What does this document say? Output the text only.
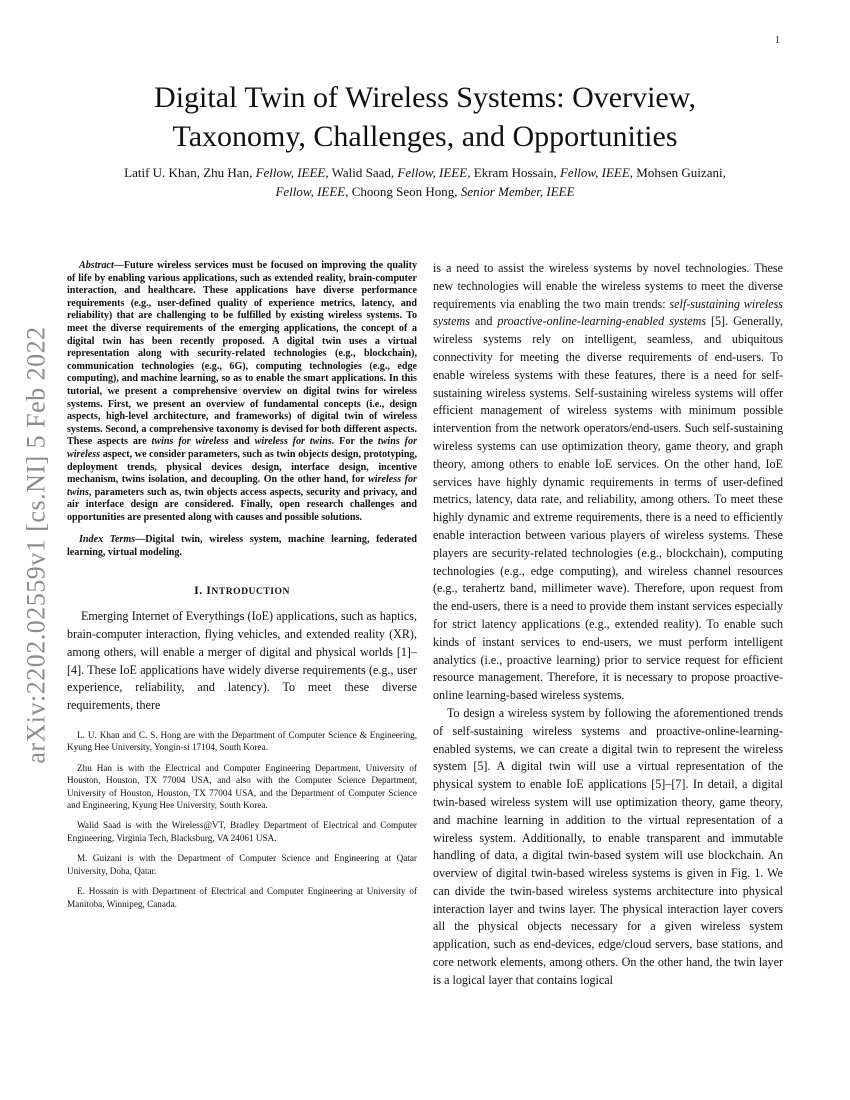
1
arXiv:2202.02559v1 [cs.NI] 5 Feb 2022
Digital Twin of Wireless Systems: Overview,
Taxonomy, Challenges, and Opportunities
Latif U. Khan, Zhu Han, Fellow, IEEE, Walid Saad, Fellow, IEEE, Ekram Hossain, Fellow, IEEE, Mohsen Guizani, Fellow, IEEE, Choong Seon Hong, Senior Member, IEEE

Abstract—Future wireless services must be focused on improving the quality of life by enabling various applications, such as extended reality, brain-computer interaction, and healthcare. These applications have diverse performance requirements (e.g., user-defined quality of experience metrics, latency, and reliability) that are challenging to be fulfilled by existing wireless systems. To meet the diverse requirements of the emerging applications, the concept of a digital twin has been recently proposed. A digital twin uses a virtual representation along with security-related technologies (e.g., blockchain), communication technologies (e.g., 6G), computing technologies (e.g., edge computing), and machine learning, so as to enable the smart applications. In this tutorial, we present a comprehensive overview on digital twins for wireless systems. First, we present an overview of fundamental concepts (i.e., design aspects, high-level architecture, and frameworks) of digital twin of wireless systems. Second, a comprehensive taxonomy is devised for both different aspects. These aspects are twins for wireless and wireless for twins. For the twins for wireless aspect, we consider parameters, such as twin objects design, prototyping, deployment trends, physical devices design, interface design, incentive mechanism, twins isolation, and decoupling. On the other hand, for wireless for twins, parameters such as, twin objects access aspects, security and privacy, and air interface design are considered. Finally, open research challenges and opportunities are presented along with causes and possible solutions.

Index Terms—Digital twin, wireless system, machine learning, federated learning, virtual modeling.

I. INTRODUCTION

Emerging Internet of Everythings (IoE) applications, such as haptics, brain-computer interaction, flying vehicles, and extended reality (XR), among others, will enable a merger of digital and physical worlds [1]–[4]. These IoE applications have widely diverse requirements (e.g., user experience, reliability, and latency). To meet these diverse requirements, there

L. U. Khan and C. S. Hong are with the Department of Computer Science & Engineering, Kyung Hee University, Yongin-si 17104, South Korea.

Zhu Han is with the Electrical and Computer Engineering Department, University of Houston, Houston, TX 77004 USA, and also with the Computer Science Department, University of Houston, Houston, TX 77004 USA, and the Department of Computer Science and Engineering, Kyung Hee University, South Korea.

Walid Saad is with the Wireless@VT, Bradley Department of Electrical and Computer Engineering, Virginia Tech, Blacksburg, VA 24061 USA.

M. Guizani is with the Department of Computer Science and Engineering at Qatar University, Doha, Qatar.

E. Hossain is with Department of Electrical and Computer Engineering at University of Manitoba, Winnipeg, Canada.

is a need to assist the wireless systems by novel technologies. These new technologies will enable the wireless systems to meet the diverse requirements via enabling the two main trends: self-sustaining wireless systems and proactive-online-learning-enabled systems [5]. Generally, wireless systems rely on intelligent, seamless, and ubiquitous connectivity for meeting the diverse requirements of end-users. To enable wireless systems with these features, there is a need for self-sustaining wireless systems. Self-sustaining wireless systems will offer efficient management of wireless systems with minimum possible intervention from the network operators/end-users. Such self-sustaining wireless systems can use optimization theory, game theory, and graph theory, among others to enable IoE services. On the other hand, IoE services have highly dynamic requirements in terms of user-defined metrics, latency, data rate, and reliability, among others. To meet these highly dynamic and extreme requirements, there is a need to efficiently enable interaction between various players of wireless systems. These players are security-related technologies (e.g., blockchain), computing technologies (e.g., edge computing), and wireless channel resources (e.g., terahertz band, millimeter wave). Therefore, upon request from the end-users, there is a need to provide them instant services especially for strict latency applications (e.g., extended reality). To enable such kinds of instant services to end-users, we must perform intelligent analytics (i.e., proactive learning) prior to service request for efficient resource management. Therefore, it is necessary to propose proactive-online learning-based wireless systems.

To design a wireless system by following the aforementioned trends of self-sustaining wireless systems and proactive-online-learning-enabled systems, we can create a digital twin to represent the wireless system [5]. A digital twin will use a virtual representation of the physical system to enable IoE applications [5]–[7]. In detail, a digital twin-based wireless system will use optimization theory, game theory, and machine learning in addition to the virtual representation of a wireless system. Additionally, to enable transparent and immutable handling of data, a digital twin-based system will use blockchain. An overview of digital twin-based wireless systems is given in Fig. 1. We can divide the twin-based wireless systems architecture into physical interaction layer and twins layer. The physical interaction layer covers all the physical objects necessary for a given wireless system application, such as end-devices, edge/cloud servers, base stations, and core network elements, among others. On the other hand, the twin layer is a logical layer that contains logical
